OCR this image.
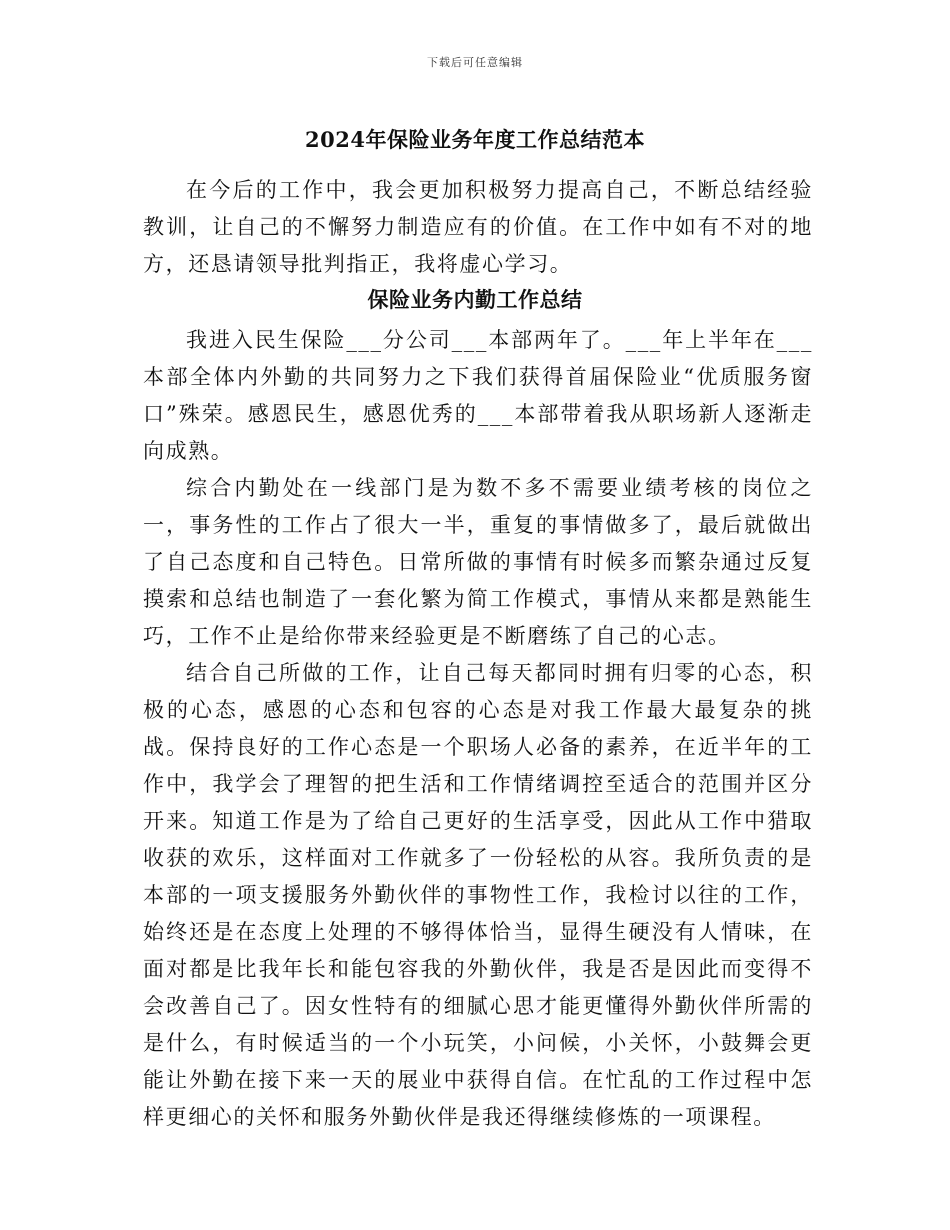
下载后可任意编辑
2024年保险业务年度工作总结范本

在今后的工作中，我会更加积极努力提高自己，不断总结经验教训，让自己的不懈努力制造应有的价值。在工作中如有不对的地方，还恳请领导批判指正，我将虚心学习。

保险业务内勤工作总结

我进入民生保险___分公司___本部两年了。___年上半年在___本部全体内外勤的共同努力之下我们获得首届保险业“优质服务窗口”殊荣。感恩民生，感恩优秀的___本部带着我从职场新人逐渐走向成熟。

综合内勤处在一线部门是为数不多不需要业绩考核的岗位之一，事务性的工作占了很大一半，重复的事情做多了，最后就做出了自己态度和自己特色。日常所做的事情有时候多而繁杂通过反复摸索和总结也制造了一套化繁为简工作模式，事情从来都是熟能生巧，工作不止是给你带来经验更是不断磨练了自己的心志。

结合自己所做的工作，让自己每天都同时拥有归零的心态，积极的心态，感恩的心态和包容的心态是对我工作最大最复杂的挑战。保持良好的工作心态是一个职场人必备的素养，在近半年的工作中，我学会了理智的把生活和工作情绪调控至适合的范围并区分开来。知道工作是为了给自己更好的生活享受，因此从工作中猎取收获的欢乐，这样面对工作就多了一份轻松的从容。我所负责的是本部的一项支援服务外勤伙伴的事物性工作，我检讨以往的工作，始终还是在态度上处理的不够得体恰当，显得生硬没有人情味，在面对都是比我年长和能包容我的外勤伙伴，我是否是因此而变得不会改善自己了。因女性特有的细腻心思才能更懂得外勤伙伴所需的是什么，有时候适当的一个小玩笑，小问候，小关怀，小鼓舞会更能让外勤在接下来一天的展业中获得自信。在忙乱的工作过程中怎样更细心的关怀和服务外勤伙伴是我还得继续修炼的一项课程。
